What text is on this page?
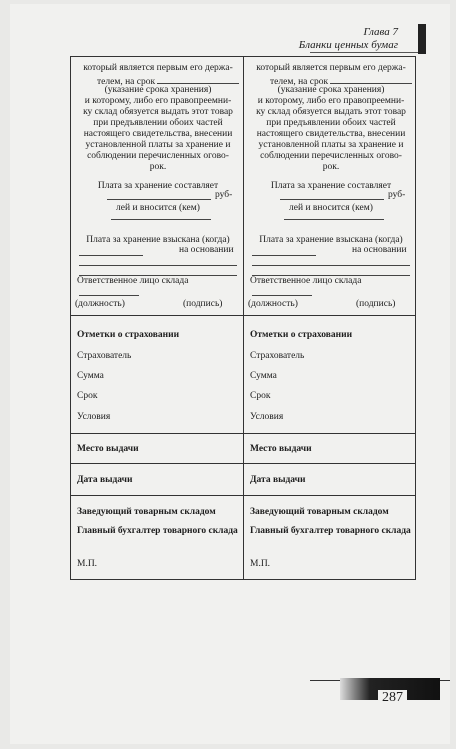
Глава 7
Бланки ценных бумаг
который является первым его держа-
телем, на срок
(указание срока хранения)
и которому, либо его правопреемни-
ку склад обязуется выдать этот товар
при предъявлении обоих частей
настоящего свидетельства, внесении
установленной платы за хранение и
соблюдении перечисленных огово-
рок.
Плата за хранение составляет
руб-
лей и вносится (кем)
Плата за хранение взыскана (когда)
на основании
Ответственное лицо склада
(должность)	(подпись)
Отметки о страховании
Страхователь
Сумма
Срок
Условия
Место выдачи
Дата выдачи
Заведующий товарным складом
Главный бухгалтер товарного склада
М.П.
который является первым его держа-
телем, на срок
(указание срока хранения)
и которому, либо его правопреемни-
ку склад обязуется выдать этот товар
при предъявлении обоих частей
настоящего свидетельства, внесении
установленной платы за хранение и
соблюдении перечисленных огово-
рок.
Плата за хранение составляет
руб-
лей и вносится (кем)
Плата за хранение взыскана (когда)
на основании
Ответственное лицо склада
(должность)	(подпись)
Отметки о страховании
Страхователь
Сумма
Срок
Условия
Место выдачи
Дата выдачи
Заведующий товарным складом
Главный бухгалтер товарного склада
М.П.
287
